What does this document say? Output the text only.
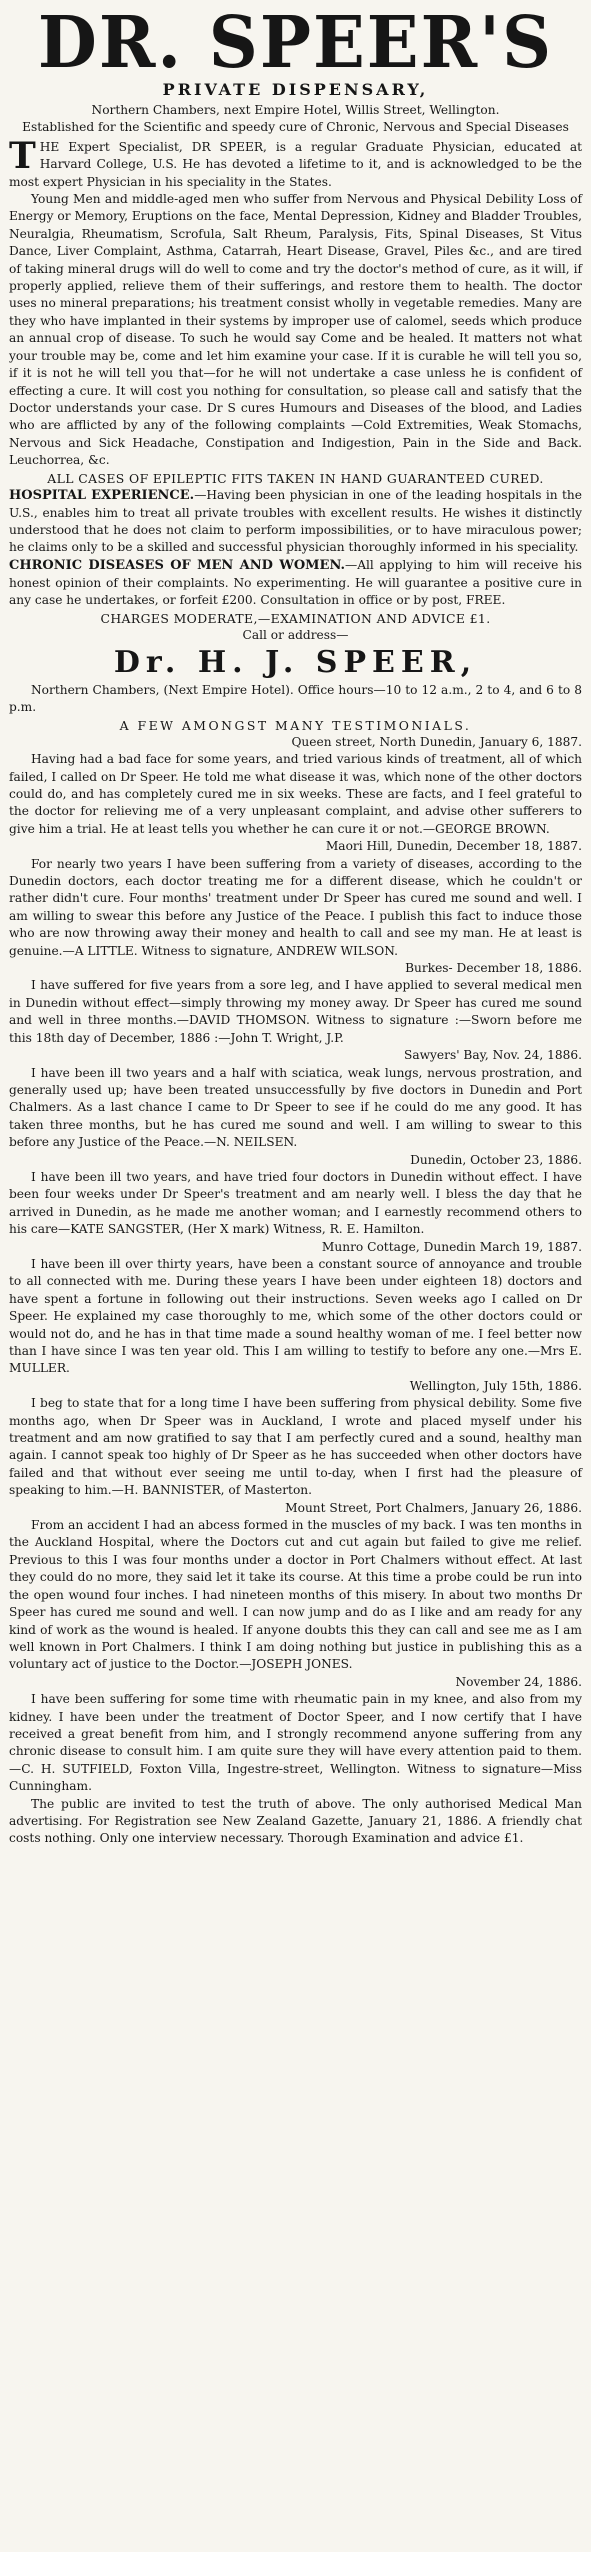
DR. SPEER'S
PRIVATE DISPENSARY,

Northern Chambers, next Empire Hotel, Willis Street, Wellington.

Established for the Scientific and speedy cure of Chronic, Nervous and Special Diseases

THE Expert Specialist, DR SPEER, is a regular Graduate Physician, educated at Harvard College, U.S. He has devoted a lifetime to it, and is acknowledged to be the most expert Physician in his speciality in the States.

Young Men and middle-aged men who suffer from Nervous and Physical Debility Loss of Energy or Memory, Eruptions on the face, Mental Depression, Kidney and Bladder Troubles, Neuralgia, Rheumatism, Scrofula, Salt Rheum, Paralysis, Fits, Spinal Diseases, St Vitus Dance, Liver Complaint, Asthma, Catarrah, Heart Disease, Gravel, Piles &c., and are tired of taking mineral drugs will do well to come and try the doctor's method of cure, as it will, if properly applied, relieve them of their sufferings, and restore them to health. The doctor uses no mineral preparations; his treatment consist wholly in vegetable remedies. Many are they who have implanted in their systems by improper use of calomel, seeds which produce an annual crop of disease. To such he would say Come and be healed. It matters not what your trouble may be, come and let him examine your case. If it is curable he will tell you so, if it is not he will tell you that—for he will not undertake a case unless he is confident of effecting a cure. It will cost you nothing for consultation, so please call and satisfy that the Doctor understands your case. Dr S cures Humours and Diseases of the blood, and Ladies who are afflicted by any of the following complaints —Cold Extremities, Weak Stomachs, Nervous and Sick Headache, Constipation and Indigestion, Pain in the Side and Back. Leuchorrea, &c.

ALL CASES OF EPILEPTIC FITS TAKEN IN HAND GUARANTEED CURED.

HOSPITAL EXPERIENCE.—Having been physician in one of the leading hospitals in the U.S., enables him to treat all private troubles with excellent results. He wishes it distinctly understood that he does not claim to perform impossibilities, or to have miraculous power; he claims only to be a skilled and successful physician thoroughly informed in his speciality.

CHRONIC DISEASES OF MEN AND WOMEN.—All applying to him will receive his honest opinion of their complaints. No experimenting. He will guarantee a positive cure in any case he undertakes, or forfeit £200. Consultation in office or by post, FREE.

CHARGES MODERATE,—EXAMINATION AND ADVICE £1.

Call or address—

Dr. H. J. SPEER,

Northern Chambers, (Next Empire Hotel). Office hours—10 to 12 a.m., 2 to 4, and 6 to 8 p.m.

A FEW AMONGST MANY TESTIMONIALS.

Queen street, North Dunedin, January 6, 1887.

Having had a bad face for some years, and tried various kinds of treatment, all of which failed, I called on Dr Speer. He told me what disease it was, which none of the other doctors could do, and has completely cured me in six weeks. These are facts, and I feel grateful to the doctor for relieving me of a very unpleasant complaint, and advise other sufferers to give him a trial. He at least tells you whether he can cure it or not.—GEORGE BROWN.

Maori Hill, Dunedin, December 18, 1887.

For nearly two years I have been suffering from a variety of diseases, according to the Dunedin doctors, each doctor treating me for a different disease, which he couldn't or rather didn't cure. Four months' treatment under Dr Speer has cured me sound and well. I am willing to swear this before any Justice of the Peace. I publish this fact to induce those who are now throwing away their money and health to call and see my man. He at least is genuine.—A LITTLE. Witness to signature, ANDREW WILSON.

Burkes- December 18, 1886.

I have suffered for five years from a sore leg, and I have applied to several medical men in Dunedin without effect—simply throwing my money away. Dr Speer has cured me sound and well in three months.—DAVID THOMSON. Witness to signature :—Sworn before me this 18th day of December, 1886 :—John T. Wright, J.P.

Sawyers' Bay, Nov. 24, 1886.

I have been ill two years and a half with sciatica, weak lungs, nervous prostration, and generally used up; have been treated unsuccessfully by five doctors in Dunedin and Port Chalmers. As a last chance I came to Dr Speer to see if he could do me any good. It has taken three months, but he has cured me sound and well. I am willing to swear to this before any Justice of the Peace.—N. NEILSEN.

Dunedin, October 23, 1886.

I have been ill two years, and have tried four doctors in Dunedin without effect. I have been four weeks under Dr Speer's treatment and am nearly well. I bless the day that he arrived in Dunedin, as he made me another woman; and I earnestly recommend others to his care—KATE SANGSTER, (Her X mark) Witness, R. E. Hamilton.

Munro Cottage, Dunedin March 19, 1887.

I have been ill over thirty years, have been a constant source of annoyance and trouble to all connected with me. During these years I have been under eighteen 18) doctors and have spent a fortune in following out their instructions. Seven weeks ago I called on Dr Speer. He explained my case thoroughly to me, which some of the other doctors could or would not do, and he has in that time made a sound healthy woman of me. I feel better now than I have since I was ten year old. This I am willing to testify to before any one.—Mrs E. MULLER.

Wellington, July 15th, 1886.

I beg to state that for a long time I have been suffering from physical debility. Some five months ago, when Dr Speer was in Auckland, I wrote and placed myself under his treatment and am now gratified to say that I am perfectly cured and a sound, healthy man again. I cannot speak too highly of Dr Speer as he has succeeded when other doctors have failed and that without ever seeing me until to-day, when I first had the pleasure of speaking to him.—H. BANNISTER, of Masterton.

Mount Street, Port Chalmers, January 26, 1886.

From an accident I had an abcess formed in the muscles of my back. I was ten months in the Auckland Hospital, where the Doctors cut and cut again but failed to give me relief. Previous to this I was four months under a doctor in Port Chalmers without effect. At last they could do no more, they said let it take its course. At this time a probe could be run into the open wound four inches. I had nineteen months of this misery. In about two months Dr Speer has cured me sound and well. I can now jump and do as I like and am ready for any kind of work as the wound is healed. If anyone doubts this they can call and see me as I am well known in Port Chalmers. I think I am doing nothing but justice in publishing this as a voluntary act of justice to the Doctor.—JOSEPH JONES.

November 24, 1886.

I have been suffering for some time with rheumatic pain in my knee, and also from my kidney. I have been under the treatment of Doctor Speer, and I now certify that I have received a great benefit from him, and I strongly recommend anyone suffering from any chronic disease to consult him. I am quite sure they will have every attention paid to them.—C. H. SUTFIELD, Foxton Villa, Ingestre-street, Wellington. Witness to signature—Miss Cunningham.

The public are invited to test the truth of above. The only authorised Medical Man advertising. For Registration see New Zealand Gazette, January 21, 1886. A friendly chat costs nothing. Only one interview necessary. Thorough Examination and advice £1.
